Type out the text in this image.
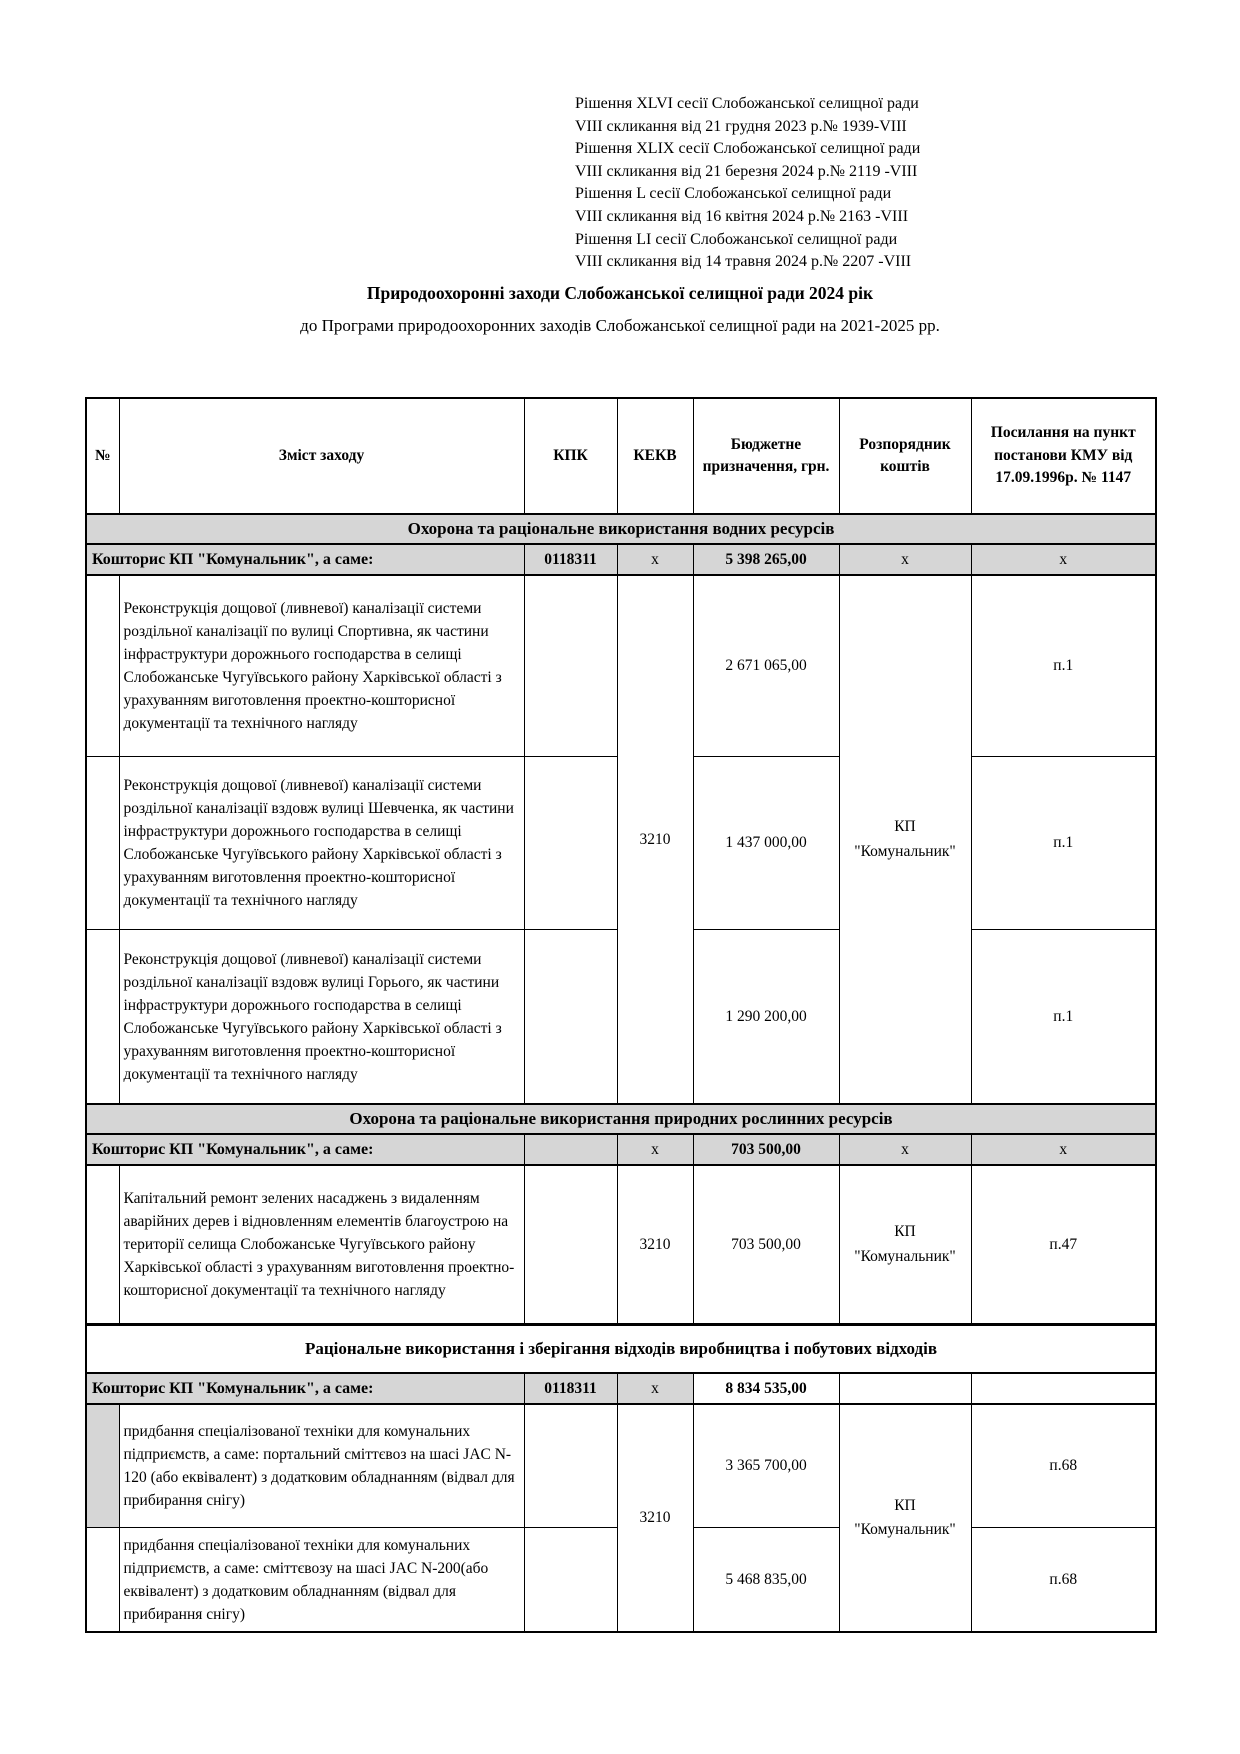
Рішення XLVI сесії Слобожанської селищної ради
VIII скликання від 21 грудня 2023 р.№ 1939-VIII
Рішення XLIX сесії Слобожанської селищної ради
VIII скликання від 21 березня 2024 р.№ 2119 -VIII
Рішення L сесії Слобожанської селищної ради
VIII скликання від 16 квітня 2024 р.№ 2163 -VIII
Рішення LI сесії Слобожанської селищної ради
VIII скликання від 14 травня 2024 р.№ 2207 -VIII
Природоохоронні заходи Слобожанської селищної ради 2024 рік
до Програми природоохоронних заходів Слобожанської селищної ради на 2021-2025 рр.
№	Зміст заходу	КПК	КЕКВ	Бюджетне призначення, грн.	Розпорядник коштів	Посилання на пункт постанови КМУ від 17.09.1996р. № 1147
Охорона та раціональне використання водних ресурсів						
Кошторис КП "Комунальник", а саме:		0118311	x	5 398 265,00	x	x
	Реконструкція дощової (ливневої) каналізації системи роздільної каналізації по вулиці Спортивна, як частини інфраструктури дорожнього господарства в селищі Слобожанське Чугуївського району Харківської області з урахуванням виготовлення проектно-кошторисної документації та технічного нагляду		3210	2 671 065,00	КП "Комунальник"	п.1
	Реконструкція дощової (ливневої) каналізації системи роздільної каналізації вздовж вулиці Шевченка, як частини інфраструктури дорожнього господарства в селищі Слобожанське Чугуївського району Харківської області з урахуванням виготовлення проектно-кошторисної документації та технічного нагляду			1 437 000,00		п.1
	Реконструкція дощової (ливневої) каналізації системи роздільної каналізації вздовж вулиці Горього, як частини інфраструктури дорожнього господарства в селищі Слобожанське Чугуївського району Харківської області з урахуванням виготовлення проектно-кошторисної документації та технічного нагляду			1 290 200,00		п.1
Охорона та раціональне використання природних рослинних ресурсів						
Кошторис КП "Комунальник", а саме:			x	703 500,00	x	x
	Капітальний ремонт зелених насаджень з видаленням аварійних дерев і відновленням елементів благоустрою на території селища Слобожанське Чугуївського району Харківської області з урахуванням виготовлення проектно-кошторисної документації та технічного нагляду		3210	703 500,00	КП "Комунальник"	п.47
Раціональне використання і зберігання відходів виробництва і побутових відходів						
Кошторис КП "Комунальник", а саме:		0118311	x	8 834 535,00		
	придбання спеціалізованої техніки для комунальних підприємств, а саме: портальний сміттєвоз на шасі JAC N-120 (або еквівалент) з додатковим обладнанням (відвал для прибирання снігу)		3210	3 365 700,00	КП "Комунальник"	п.68
	придбання спеціалізованої техніки для комунальних підприємств, а саме: сміттєвозу на шасі JAC N-200(або еквівалент) з додатковим обладнанням (відвал для прибирання снігу)			5 468 835,00		п.68
